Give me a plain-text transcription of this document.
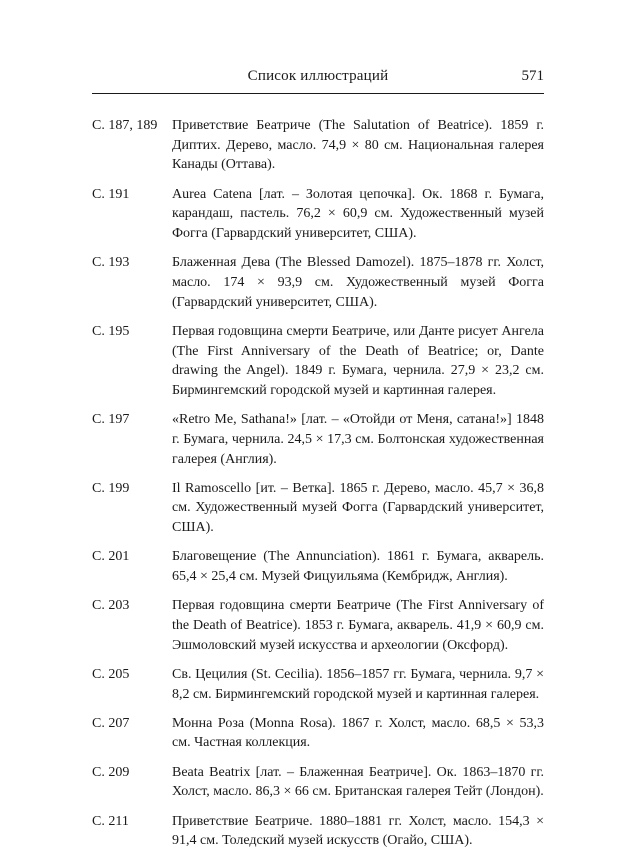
Список иллюстраций	571
С. 187, 189	Приветствие Беатриче (The Salutation of Beatrice). 1859 г. Диптих. Дерево, масло. 74,9 × 80 см. Национальная галерея Канады (Оттава).
С. 191	Aurea Catena [лат. – Золотая цепочка]. Ок. 1868 г. Бумага, карандаш, пастель. 76,2 × 60,9 см. Художественный музей Фогга (Гарвардский университет, США).
С. 193	Блаженная Дева (The Blessed Damozel). 1875–1878 гг. Холст, масло. 174 × 93,9 см. Художественный музей Фогга (Гарвардский университет, США).
С. 195	Первая годовщина смерти Беатриче, или Данте рисует Ангела (The First Anniversary of the Death of Beatrice; or, Dante drawing the Angel). 1849 г. Бумага, чернила. 27,9 × 23,2 см. Бирмингемский городской музей и картинная галерея.
С. 197	«Retro Me, Sathana!» [лат. – «Отойди от Меня, сатана!»] 1848 г. Бумага, чернила. 24,5 × 17,3 см. Болтонская художественная галерея (Англия).
С. 199	Il Ramoscello [ит. – Ветка]. 1865 г. Дерево, масло. 45,7 × 36,8 см. Художественный музей Фогга (Гарвардский университет, США).
С. 201	Благовещение (The Annunciation). 1861 г. Бумага, акварель. 65,4 × 25,4 см. Музей Фицуильяма (Кембридж, Англия).
С. 203	Первая годовщина смерти Беатриче (The First Anniversary of the Death of Beatrice). 1853 г. Бумага, акварель. 41,9 × 60,9 см. Эшмоловский музей искусства и археологии (Оксфорд).
С. 205	Св. Цецилия (St. Cecilia). 1856–1857 гг. Бумага, чернила. 9,7 × 8,2 см. Бирмингемский городской музей и картинная галерея.
С. 207	Монна Роза (Monna Rosa). 1867 г. Холст, масло. 68,5 × 53,3 см. Частная коллекция.
С. 209	Beata Beatrix [лат. – Блаженная Беатриче]. Ок. 1863–1870 гг. Холст, масло. 86,3 × 66 см. Британская галерея Тейт (Лондон).
С. 211	Приветствие Беатриче. 1880–1881 гг. Холст, масло. 154,3 × 91,4 см. Толедский музей искусств (Огайо, США).
